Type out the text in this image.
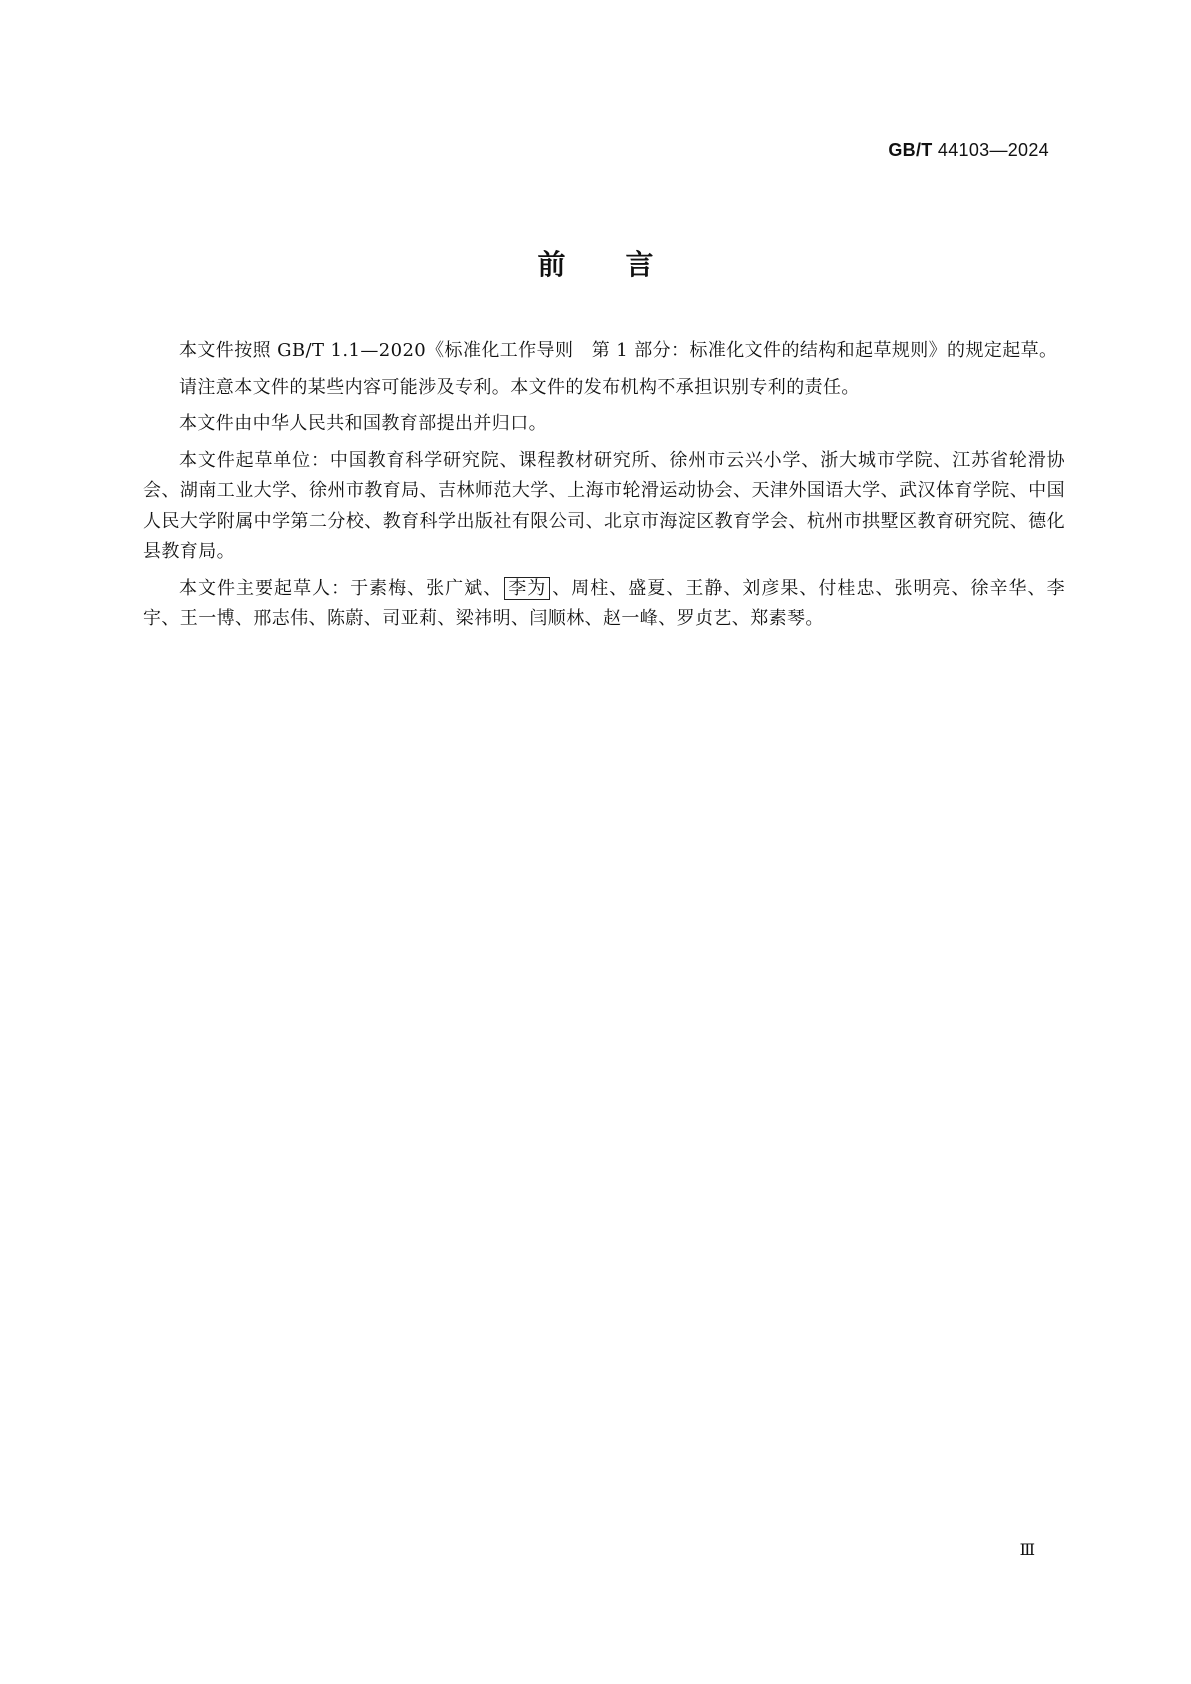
GB/T 44103—2024
前言

本文件按照 GB/T 1.1—2020《标准化工作导则　第 1 部分：标准化文件的结构和起草规则》的规定起草。

请注意本文件的某些内容可能涉及专利。本文件的发布机构不承担识别专利的责任。

本文件由中华人民共和国教育部提出并归口。

本文件起草单位：中国教育科学研究院、课程教材研究所、徐州市云兴小学、浙大城市学院、江苏省轮滑协会、湖南工业大学、徐州市教育局、吉林师范大学、上海市轮滑运动协会、天津外国语大学、武汉体育学院、中国人民大学附属中学第二分校、教育科学出版社有限公司、北京市海淀区教育学会、杭州市拱墅区教育研究院、德化县教育局。

本文件主要起草人：于素梅、张广斌、 李为 、周柱、盛夏、王静、刘彦果、付桂忠、张明亮、徐辛华、李宇、王一博、邢志伟、陈蔚、司亚莉、梁祎明、闫顺林、赵一峰、罗贞艺、郑素琴。

Ⅲ
